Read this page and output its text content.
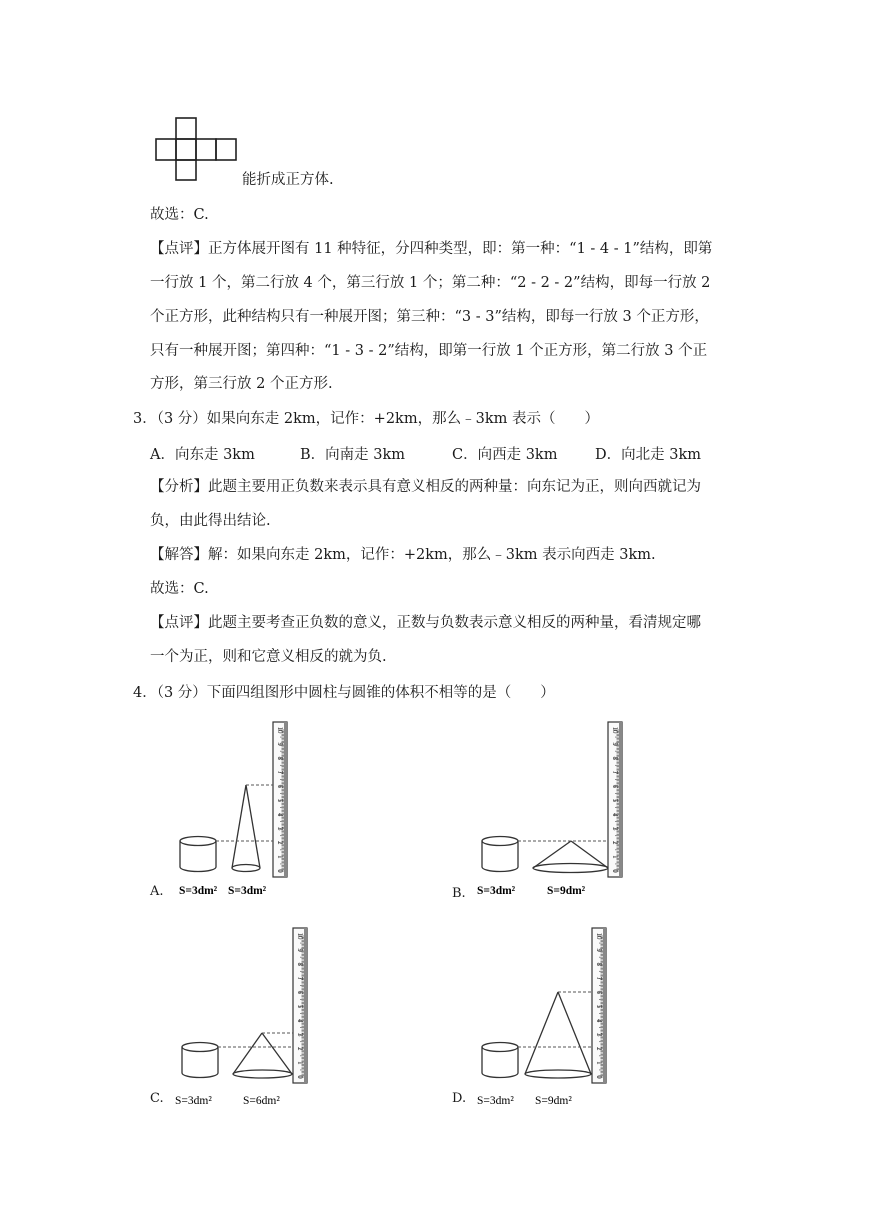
能折成正方体.
故选：C.
【点评】正方体展开图有 11 种特征，分四种类型，即：第一种：“1 - 4 - 1”结构，即第
一行放 1 个，第二行放 4 个，第三行放 1 个；第二种：“2 - 2 - 2”结构，即每一行放 2
个正方形，此种结构只有一种展开图；第三种：“3 - 3”结构，即每一行放 3 个正方形，
只有一种展开图；第四种：“1 - 3 - 2”结构，即第一行放 1 个正方形，第二行放 3 个正
方形，第三行放 2 个正方形.
3．（3 分）如果向东走 2km，记作：+2km，那么﹣3km 表示（　　）
A．向东走 3km	B．向南走 3km	C．向西走 3km	D．向北走 3km
【分析】此题主要用正负数来表示具有意义相反的两种量：向东记为正，则向西就记为
负，由此得出结论.
【解答】解：如果向东走 2km，记作：+2km，那么﹣3km 表示向西走 3km.
故选：C.
【点评】此题主要考查正负数的意义，正数与负数表示意义相反的两种量，看清规定哪
一个为正，则和它意义相反的就为负.
4．（3 分）下面四组图形中圆柱与圆锥的体积不相等的是（　　）
0
1
2
3
4
5
6
7
8
9
10
S=3dm² S=3dm²
A.
0
1
2
3
4
5
6
7
8
9
10
S=3dm²	S=9dm²
B.
0
1
2
3
4
5
6
7
8
9
10
S=3dm²	S=6dm²
C.
0
1
2
3
4
5
6
7
8
9
10
S=3dm² S=9dm²
D.
